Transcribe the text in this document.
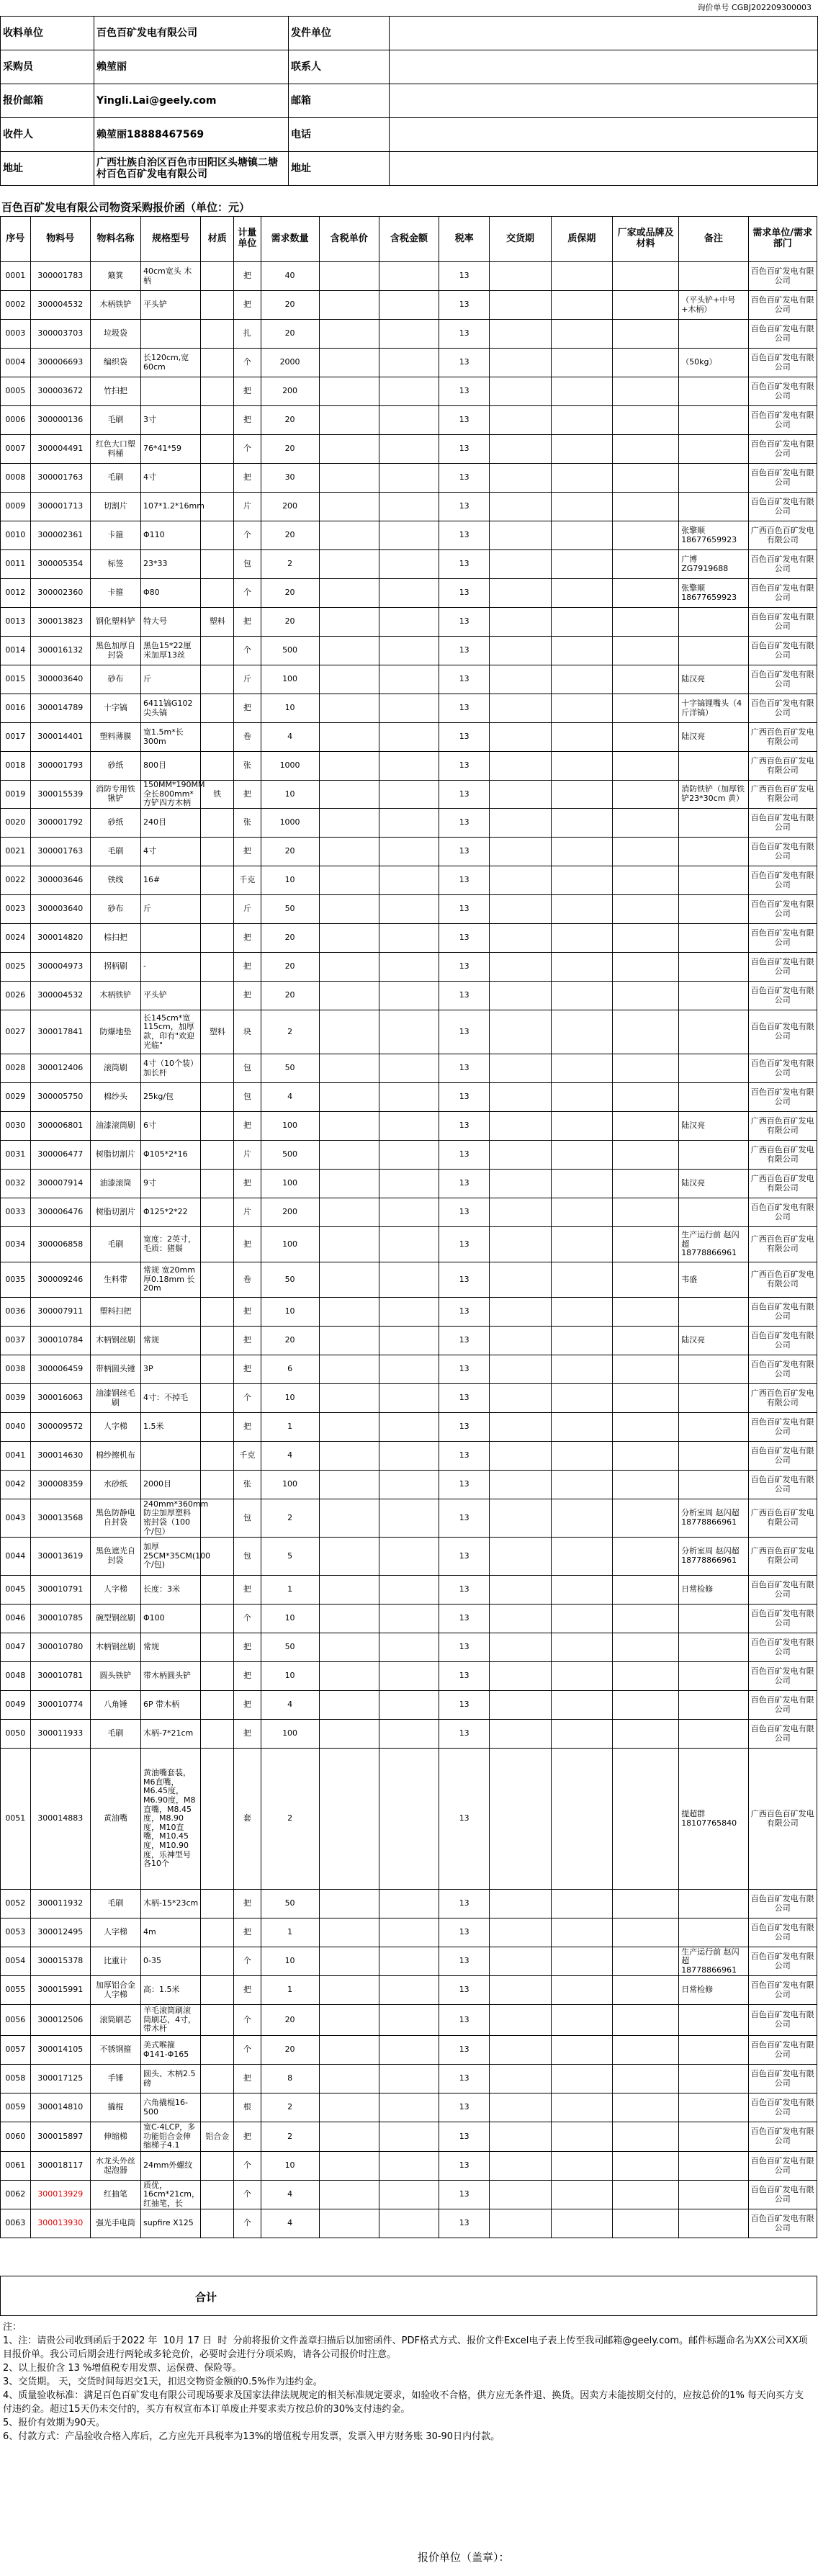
询价单号 CGBJ202209300003
收料单位	百色百矿发电有限公司	发件单位	
采购员	赖堃丽	联系人	
报价邮箱	Yingli.Lai@geely.com	邮箱	
收件人	赖堃丽18888467569	电话	
地址	广西壮族自治区百色市田阳区头塘镇二塘村百色百矿发电有限公司	地址	
百色百矿发电有限公司物资采购报价函（单位：元）
序号	物料号	物料名称	规格型号	材质	计量单位	需求数量	含税单价	含税金额	税率	交货期	质保期	厂家或品牌及材料	备注	需求单位/需求部门
0001	300001783	簸箕	40cm宽头 木柄		把	40			13					百色百矿发电有限公司
0002	300004532	木柄铁铲	平头铲		把	20			13				（平头铲+中号+木柄）	百色百矿发电有限公司
0003	300003703	垃圾袋			扎	20			13					百色百矿发电有限公司
0004	300006693	编织袋	长120cm,宽60cm		个	2000			13				（50kg）	百色百矿发电有限公司
0005	300003672	竹扫把			把	200			13					百色百矿发电有限公司
0006	300000136	毛刷	3寸		把	20			13					百色百矿发电有限公司
0007	300004491	红色大口塑料桶	76*41*59		个	20			13					百色百矿发电有限公司
0008	300001763	毛刷	4寸		把	30			13					百色百矿发电有限公司
0009	300001713	切割片	107*1.2*16mm		片	200			13					百色百矿发电有限公司
0010	300002361	卡箍	Φ110		个	20			13				张擎顺 18677659923	广西百色百矿发电有限公司
0011	300005354	标签	23*33		包	2			13				广博 ZG7919688	百色百矿发电有限公司
0012	300002360	卡箍	Φ80		个	20			13				张擎顺 18677659923	百色百矿发电有限公司
0013	300013823	钢化塑料铲	特大号	塑料	把	20			13					百色百矿发电有限公司
0014	300016132	黑色加厚自封袋	黑色15*22厘米加厚13丝		个	500			13					百色百矿发电有限公司
0015	300003640	砂布	斤		斤	100			13				陆汉亮	百色百矿发电有限公司
0016	300014789	十字镐	6411镐G102尖头镐		把	10			13				十字镐锂嘴头（4斤洋镐）	百色百矿发电有限公司
0017	300014401	塑料薄膜	宽1.5m*长300m		卷	4			13				陆汉亮	广西百色百矿发电有限公司
0018	300001793	砂纸	800目		张	1000			13					广西百色百矿发电有限公司
0019	300015539	消防专用铁锹铲	150MM*190MM全长800mm*方铲四方木柄	铁	把	10			13				消防铁铲（加厚铁铲23*30cm 黄）	广西百色百矿发电有限公司
0020	300001792	砂纸	240目		张	1000			13					百色百矿发电有限公司
0021	300001763	毛刷	4寸		把	20			13					百色百矿发电有限公司
0022	300003646	铁线	16#		千克	10			13					百色百矿发电有限公司
0023	300003640	砂布	斤		斤	50			13					百色百矿发电有限公司
0024	300014820	棕扫把			把	20			13					百色百矿发电有限公司
0025	300004973	拐柄刷	-		把	20			13					百色百矿发电有限公司
0026	300004532	木柄铁铲	平头铲		把	20			13					百色百矿发电有限公司
0027	300017841	防爆地垫	长145cm*宽115cm，加厚款，印有"欢迎光临"	塑料	块	2			13					百色百矿发电有限公司
0028	300012406	滚筒刷	4寸（10个装）加长杆		包	50			13					百色百矿发电有限公司
0029	300005750	棉纱头	25kg/包		包	4			13					百色百矿发电有限公司
0030	300006801	油漆滚筒刷	6寸		把	100			13				陆汉亮	广西百色百矿发电有限公司
0031	300006477	树脂切割片	Φ105*2*16		片	500			13					广西百色百矿发电有限公司
0032	300007914	油漆滚筒	9寸		把	100			13				陆汉亮	广西百色百矿发电有限公司
0033	300006476	树脂切割片	Φ125*2*22		片	200			13					百色百矿发电有限公司
0034	300006858	毛刷	宽度：2英寸，毛质：猪鬃		把	100			13				生产运行前 赵闪超 18778866961	广西百色百矿发电有限公司
0035	300009246	生料带	常规 宽20mm 厚0.18mm 长20m		卷	50			13				韦盛	广西百色百矿发电有限公司
0036	300007911	塑料扫把			把	10			13					百色百矿发电有限公司
0037	300010784	木柄钢丝刷	常规		把	20			13				陆汉亮	百色百矿发电有限公司
0038	300006459	带柄圆头锤	3P		把	6			13					百色百矿发电有限公司
0039	300016063	油漆钢丝毛刷	4寸：不掉毛		个	10			13					广西百色百矿发电有限公司
0040	300009572	人字梯	1.5米		把	1			13					百色百矿发电有限公司
0041	300014630	棉纱擦机布			千克	4			13					百色百矿发电有限公司
0042	300008359	水砂纸	2000目		张	100			13					百色百矿发电有限公司
0043	300013568	黑色防静电自封袋	240mm*360mm防尘加厚塑料密封袋（100个/包）		包	2			13				分析室周 赵闪超 18778866961	广西百色百矿发电有限公司
0044	300013619	黑色遮光自封袋	加厚25CM*35CM(100个/包)		包	5			13				分析室周 赵闪超 18778866961	广西百色百矿发电有限公司
0045	300010791	人字梯	长度：3米		把	1			13				日常检修	百色百矿发电有限公司
0046	300010785	碗型钢丝刷	Φ100		个	10			13					百色百矿发电有限公司
0047	300010780	木柄钢丝刷	常规		把	50			13					百色百矿发电有限公司
0048	300010781	圆头铁铲	带木柄圆头铲		把	10			13					百色百矿发电有限公司
0049	300010774	八角锤	6P 带木柄		把	4			13					百色百矿发电有限公司
0050	300011933	毛刷	木柄-7*21cm		把	100			13					百色百矿发电有限公司
0051	300014883	黄油嘴	黄油嘴套装，M6直嘴，M6.45度，M6.90度，M8直嘴，M8.45度，M8.90度，M10直嘴，M10.45度，M10.90度，乐神型号各10个		套	2			13				提超群 18107765840	广西百色百矿发电有限公司
0052	300011932	毛刷	木柄-15*23cm		把	50			13					百色百矿发电有限公司
0053	300012495	人字梯	4m		把	1			13					百色百矿发电有限公司
0054	300015378	比重计	0-35		个	10			13				生产运行前 赵闪超 18778866961	百色百矿发电有限公司
0055	300015991	加厚铝合金人字梯	高：1.5米		把	1			13				日常检修	百色百矿发电有限公司
0056	300012506	滚筒刷芯	羊毛滚筒刷滚筒刷芯，4寸，带木杆		个	20			13					百色百矿发电有限公司
0057	300014105	不锈钢箍	美式喉箍Φ141-Φ165		个	20			13					百色百矿发电有限公司
0058	300017125	手锤	圆头、木柄2.5磅		把	8			13					百色百矿发电有限公司
0059	300014810	撬棍	六角撬棍16-500		根	2			13					百色百矿发电有限公司
0060	300015897	伸缩梯	宽C-4LCP，多功能铝合金伸缩梯子4.1	铝合金	把	2			13					百色百矿发电有限公司
0061	300018117	水龙头外丝起泡器	24mm外螺纹		个	10			13					百色百矿发电有限公司
0062	300013929	红抽笔	质优，16cm*21cm，红抽笔，长		个	4			13					百色百矿发电有限公司
0063	300013930	强光手电筒	supfire X125		个	4			13					百色百矿发电有限公司
合计
注：
1、注：请贵公司收到函后于2022 年  10月 17 日  时  分前将报价文件盖章扫描后以加密函件、PDF格式方式、报价文件Excel电子表上传至我司邮箱@geely.com。邮件标题命名为XX公司XX项目报价单。我公司后期会进行两轮或多轮竞价，必要时会进行分项采购，请各公司报价时注意。
2、以上报价含 13 %增值税专用发票、运保费、保险等。
3、交货期。 天，交货时间每迟交1天，扣迟交物资金额的0.5%作为违约金。
4、质量验收标准：满足百色百矿发电有限公司现场要求及国家法律法规规定的相关标准规定要求，如验收不合格，供方应无条件退、换货。因卖方未能按期交付的，应按总价的1% 每天向买方支付违约金。超过15天仍未交付的，买方有权宣布本订单废止并要求卖方按总价的30%支付违约金。
5、报价有效期为90天。
6、付款方式：产品验收合格入库后，乙方应先开具税率为13%的增值税专用发票，发票入甲方财务账 30-90日内付款。
报价单位（盖章）：
